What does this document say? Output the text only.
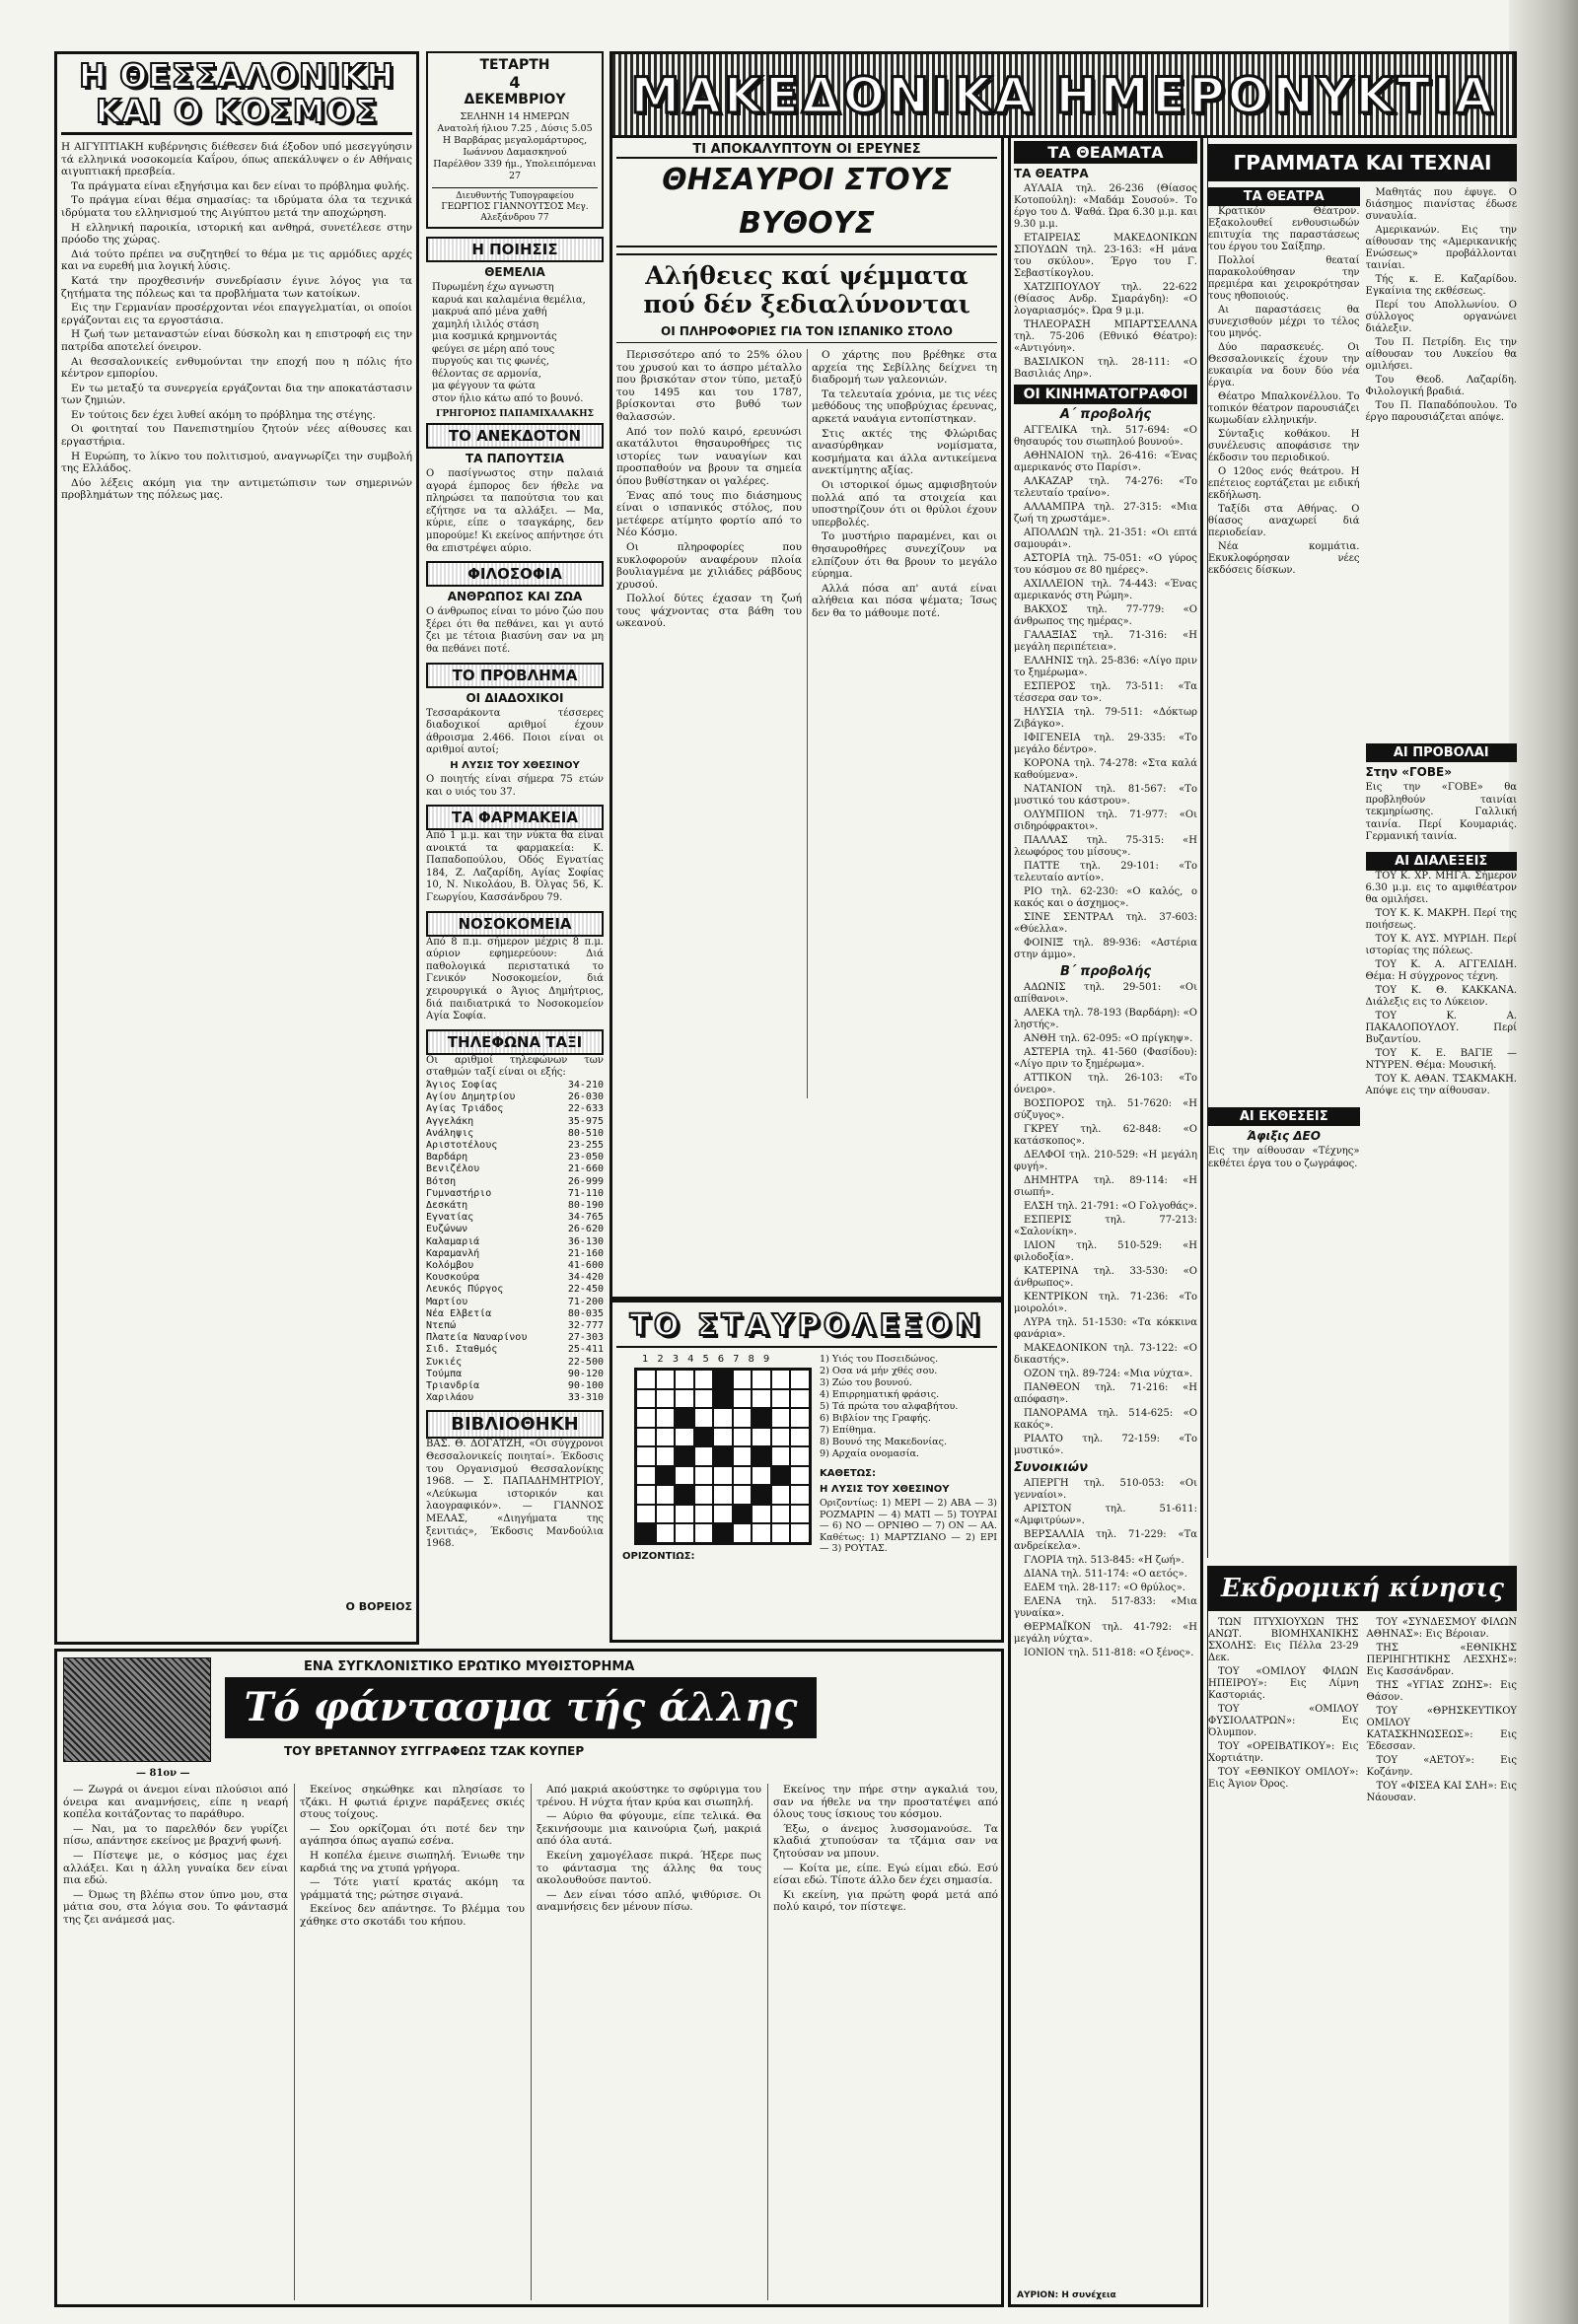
Η ΘΕΣΣΑΛΟΝΙΚΗ ΚΑΙ Ο ΚΟΣΜΟΣ

Η ΑΙΓΥΠΤΙΑΚΗ κυβέρνησις διέθεσεν διά έξοδον υπό μεσεγγύησιν τά ελληνικά νοσοκομεία Καΐρου, όπως απεκάλυψεν ο έν Αθήναις αιγυπτιακή πρεσβεία.

Τα πράγματα είναι εξηγήσιμα και δεν είναι το πρόβλημα φυλής.

Το πράγμα είναι θέμα σημασίας: τα ιδρύματα όλα τα τεχνικά ιδρύματα του ελληνισμού της Αιγύπτου μετά την αποχώρηση.

Η ελληνική παροικία, ιστορική και ανθηρά, συνετέλεσε στην πρόοδο της χώρας.

Διά τούτο πρέπει να συζητηθεί το θέμα με τις αρμόδιες αρχές και να ευρεθή μια λογική λύσις.

Κατά την προχθεσινήν συνεδρίασιν έγινε λόγος για τα ζητήματα της πόλεως και τα προβλήματα των κατοίκων.

Εις την Γερμανίαν προσέρχονται νέοι επαγγελματίαι, οι οποίοι εργάζονται εις τα εργοστάσια.

Η ζωή των μεταναστών είναι δύσκολη και η επιστροφή εις την πατρίδα αποτελεί όνειρον.

Αι θεσσαλονικείς ενθυμούνται την εποχή που η πόλις ήτο κέντρον εμπορίου.

Εν τω μεταξύ τα συνεργεία εργάζονται δια την αποκατάστασιν των ζημιών.

Εν τούτοις δεν έχει λυθεί ακόμη το πρόβλημα της στέγης.

Οι φοιτηταί του Πανεπιστημίου ζητούν νέες αίθουσες και εργαστήρια.

Η Ευρώπη, το λίκνο του πολιτισμού, αναγνωρίζει την συμβολή της Ελλάδος.

Δύο λέξεις ακόμη για την αντιμετώπισιν των σημερινών προβλημάτων της πόλεως μας.

Ο ΒΟΡΕΙΟΣ
ΤΕΤΑΡΤΗ
4
ΔΕΚΕΜΒΡΙΟΥ

ΣΕΛΗΝΗ 14 ΗΜΕΡΩΝ

Ανατολή ήλιου 7.25 , Δύσις 5.05

Η Βαρβάρας μεγαλομάρτυρος, Ιωάννου Δαμασκηνού

Παρέλθον 339 ήμ., Υπολειπόμεναι 27

Διευθυντής Τυπογραφείου ΓΕΩΡΓΙΟΣ ΓΙΑΝΝΟΥΤΣΟΣ Μεγ. Αλεξάνδρου 77
Η ΠΟΙΗΣΙΣ
ΘΕΜΕΛΙΑ

Πυρωμένη έχω αγνωστη

καρυά και καλαμένια θεμέλια,

μακρυά από μένα χαθή

χαμηλή ιλιλός στάση

μια κοσμικά κρημνοντάς

φεύγει σε μέρη από τους

πυργούς και τις φωνές,

θέλοντας σε αρμονία,

μα φέγγουν τα φώτα

στον ήλιο κάτω από το βουνό.

ΓΡΗΓΟΡΙΟΣ ΠΑΠΑΜΙΧΑΛΑΚΗΣ
ΤΟ ΑΝΕΚΔΟΤΟΝ
ΤΑ ΠΑΠΟΥΤΣΙΑ
Ο πασίγνωστος στην παλαιά αγορά έμπορος δεν ήθελε να πληρώσει τα παπούτσια του και εζήτησε να τα αλλάξει. — Μα, κύριε, είπε ο τσαγκάρης, δεν μπορούμε! Κι εκείνος απήντησε ότι θα επιστρέψει αύριο.
ΦΙΛΟΣΟΦΙΑ
ΑΝΘΡΩΠΟΣ ΚΑΙ ΖΩΑ
Ο άνθρωπος είναι το μόνο ζώο που ξέρει ότι θα πεθάνει, και γι αυτό ζει με τέτοια βιασύνη σαν να μη θα πεθάνει ποτέ.
ΤΟ ΠΡΟΒΛΗΜΑ
ΟΙ ΔΙΑΔΟΧΙΚΟΙ
Τεσσαράκοντα τέσσερες διαδοχικοί αριθμοί έχουν άθροισμα 2.466. Ποιοι είναι οι αριθμοί αυτοί;
Η ΛΥΣΙΣ ΤΟΥ ΧΘΕΣΙΝΟΥ
Ο ποιητής είναι σήμερα 75 ετών και ο υιός του 37.
ΤΑ ΦΑΡΜΑΚΕΙΑ
Από 1 μ.μ. και την νύκτα θα είναι ανοικτά τα φαρμακεία: Κ. Παπαδοπούλου, Οδός Εγνατίας 184, Ζ. Λαζαρίδη, Αγίας Σοφίας 10, Ν. Νικολάου, Β. Όλγας 56, Κ. Γεωργίου, Κασσάνδρου 79.
ΝΟΣΟΚΟΜΕΙΑ
Από 8 π.μ. σήμερον μέχρις 8 π.μ. αύριον εφημερεύουν: Διά παθολογικά περιστατικά το Γενικόν Νοσοκομείον, διά χειρουργικά ο Άγιος Δημήτριος, διά παιδιατρικά το Νοσοκομείον Αγία Σοφία.
ΤΗΛΕΦΩΝΑ ΤΑΞΙ
Οι αριθμοί τηλεφώνων των σταθμών ταξί είναι οι εξής:
Άγιος Σοφίας	34-210
Αγίου Δημητρίου	26-030
Αγίας Τριάδος	22-633
Αγγελάκη	35-975
Ανάληψις	80-510
Αριστοτέλους	23-255
Βαρδάρη	23-050
Βενιζέλου	21-660
Βότση	26-999
Γυμναστήριο	71-110
Δεσκάτη	80-190
Εγνατίας	34-765
Ευζώνων	26-620
Καλαμαριά	36-130
Καραμανλή	21-160
Κολόμβου	41-600
Κουσκούρα	34-420
Λευκός Πύργος	22-450
Μαρτίου	71-200
Νέα Ελβετία	80-035
Ντεπώ	32-777
Πλατεία Ναυαρίνου	27-303
Σιδ. Σταθμός	25-411
Συκιές	22-500
Τούμπα	90-120
Τριανδρία	90-100
Χαριλάου	33-310
ΒΙΒΛΙΟΘΗΚΗ
ΒΑΣ. Θ. ΔΟΓΑΤΖΗ, «Οι σύγχρονοι Θεσσαλονικείς ποιηταί». Έκδοσις του Οργανισμού Θεσσαλονίκης 1968. — Σ. ΠΑΠΑΔΗΜΗΤΡΙΟΥ, «Λεύκωμα ιστορικόν και λαογραφικόν». — ΓΙΑΝΝΟΣ ΜΕΛΑΣ, «Διηγήματα της ξενιτιάς», Έκδοσις Μανδούλια 1968.
ΜΑΚΕΔΟΝΙΚΑ ΗΜΕΡΟΝΥΚΤΙΑ
ΤΙ ΑΠΟΚΑΛΥΠΤΟΥΝ ΟΙ ΕΡΕΥΝΕΣ
ΘΗΣΑΥΡΟΙ ΣΤΟΥΣ ΒΥΘΟΥΣ
Αλήθειες καί ψέμματα πού δέν ξεδιαλύνονται
ΟΙ ΠΛΗΡΟΦΟΡΙΕΣ ΓΙΑ ΤΟΝ ΙΣΠΑΝΙΚΟ ΣΤΟΛΟ

Περισσότερο από το 25% όλου του χρυσού και το άσπρο μέταλλο που βρισκόταν στον τύπο, μεταξύ του 1495 και του 1787, βρίσκονται στο βυθό των θαλασσών.

Από τον πολύ καιρό, ερευνώσι ακατάλυτοι θησαυροθήρες τις ιστορίες των ναυαγίων και προσπαθούν να βρουν τα σημεία όπου βυθίστηκαν οι γαλέρες.

Ένας από τους πιο διάσημους είναι ο ισπανικός στόλος, που μετέφερε ατίμητο φορτίο από το Νέο Κόσμο.

Οι πληροφορίες που κυκλοφορούν αναφέρουν πλοία βουλιαγμένα με χιλιάδες ράβδους χρυσού.

Πολλοί δύτες έχασαν τη ζωή τους ψάχνοντας στα βάθη του ωκεανού.

Ο χάρτης που βρέθηκε στα αρχεία της Σεβίλλης δείχνει τη διαδρομή των γαλεονιών.

Τα τελευταία χρόνια, με τις νέες μεθόδους της υποβρύχιας έρευνας, αρκετά ναυάγια εντοπίστηκαν.

Στις ακτές της Φλώριδας ανασύρθηκαν νομίσματα, κοσμήματα και άλλα αντικείμενα ανεκτίμητης αξίας.

Οι ιστορικοί όμως αμφισβητούν πολλά από τα στοιχεία και υποστηρίζουν ότι οι θρύλοι έχουν υπερβολές.

Το μυστήριο παραμένει, και οι θησαυροθήρες συνεχίζουν να ελπίζουν ότι θα βρουν το μεγάλο εύρημα.

Αλλά πόσα απ' αυτά είναι αλήθεια και πόσα ψέματα; Ίσως δεν θα το μάθουμε ποτέ.

ΤΟ ΣΤΑΥΡΟΛΕΞΟΝ
123456789
ΟΡΙΖΟΝΤΙΩΣ:

1) Υιός του Ποσειδώνος.

2) Οσα νά μήν χθές σου.

3) Ζώο του βουνού.

4) Επιρρηματική φράσις.

5) Τά πρώτα του αλφαβήτου.

6) Βιβλίον της Γραφής.

7) Επίθημα.

8) Βουνό της Μακεδονίας.

9) Αρχαία ονομασία.

ΚΑΘΕΤΩΣ:
Η ΛΥΣΙΣ ΤΟΥ ΧΘΕΣΙΝΟΥ
Οριζοντίως: 1) ΜΕΡΙ — 2) ΑΒΑ — 3) ΡΟΖΜΑΡΙΝ — 4) ΜΑΤΙ — 5) ΤΟΥΡΑΙ — 6) ΝΟ — ΟΡΝΙΘΟ — 7) ΟΝ — ΑΑ. Καθέτως: 1) ΜΑΡΤΖΙΑΝΟ — 2) ΕΡΙ — 3) ΡΟΥΤΑΣ.
ΤΑ ΘΕΑΜΑΤΑ
ΤΑ ΘΕΑΤΡΑ

ΑΥΛΑΙΑ τηλ. 26-236 (Θίασος Κοτοπούλη): «Μαδάμ Σουσού». Το έργο του Δ. Ψαθά. Ώρα 6.30 μ.μ. και 9.30 μ.μ.

ΕΤΑΙΡΕΙΑΣ ΜΑΚΕΔΟΝΙΚΩΝ ΣΠΟΥΔΩΝ τηλ. 23-163: «Η μάνα του σκύλου». Έργο του Γ. Σεβαστίκογλου.

ΧΑΤΖΙΠΟΥΛΟΥ τηλ. 22-622 (Θίασος Ανδρ. Σμαράγδη): «Ο λογαριασμός». Ώρα 9 μ.μ.

ΤΗΛΕΟΡΑΣΗ ΜΠΑΡΤΣΕΛΛΝΑ τηλ. 75-206 (Εθνικό Θέατρο): «Αντιγόνη».

ΒΑΣΙΛΙΚΟΝ τηλ. 28-111: «Ο Βασιλιάς Ληρ».

ΟΙ ΚΙΝΗΜΑΤΟΓΡΑΦΟΙ
Α΄ προβολής

ΑΓΓΕΛΙΚΑ τηλ. 517-694: «Ο θησαυρός του σιωπηλού βουνού».

ΑΘΗΝΑΙΟΝ τηλ. 26-416: «Ένας αμερικανός στο Παρίσι».

ΑΛΚΑΖΑΡ τηλ. 74-276: «Το τελευταίο τραίνο».

ΑΛΛΑΜΠΡΑ τηλ. 27-315: «Μια ζωή τη χρωστάμε».

ΑΠΟΛΛΩΝ τηλ. 21-351: «Οι επτά σαμουράι».

ΑΣΤΟΡΙΑ τηλ. 75-051: «Ο γύρος του κόσμου σε 80 ημέρες».

ΑΧΙΛΛΕΙΟΝ τηλ. 74-443: «Ένας αμερικανός στη Ρώμη».

ΒΑΚΧΟΣ τηλ. 77-779: «Ο άνθρωπος της ημέρας».

ΓΑΛΑΞΙΑΣ τηλ. 71-316: «Η μεγάλη περιπέτεια».

ΕΛΛΗΝΙΣ τηλ. 25-836: «Λίγο πριν το ξημέρωμα».

ΕΣΠΕΡΟΣ τηλ. 73-511: «Τα τέσσερα σαν το».

ΗΛΥΣΙΑ τηλ. 79-511: «Δόκτωρ Ζιβάγκο».

ΙΦΙΓΕΝΕΙΑ τηλ. 29-335: «Το μεγάλο δέντρο».

ΚΟΡΟΝΑ τηλ. 74-278: «Στα καλά καθούμενα».

ΝΑΤΑΝΙΟΝ τηλ. 81-567: «Το μυστικό του κάστρου».

ΟΛΥΜΠΙΟΝ τηλ. 71-977: «Οι σιδηρόφρακτοι».

ΠΑΛΛΑΣ τηλ. 75-315: «Η λεωφόρος του μίσους».

ΠΑΤΤΕ τηλ. 29-101: «Το τελευταίο αντίο».

ΡΙΟ τηλ. 62-230: «Ο καλός, ο κακός και ο άσχημος».

ΣΙΝΕ ΣΕΝΤΡΑΛ τηλ. 37-603: «Θύελλα».

ΦΟΙΝΙΞ τηλ. 89-936: «Αστέρια στην άμμο».

Β΄ προβολής

ΑΔΩΝΙΣ τηλ. 29-501: «Οι απίθανοι».

ΑΛΕΚΑ τηλ. 78-193 (Βαρδάρη): «Ο ληστής».

ΑΝΘΗ τηλ. 62-095: «Ο πρίγκηψ».

ΑΣΤΕΡΙΑ τηλ. 41-560 (Φασίδου): «Λίγο πριν το ξημέρωμα».

ΑΤΤΙΚΟΝ τηλ. 26-103: «Το όνειρο».

ΒΟΣΠΟΡΟΣ τηλ. 51-7620: «Η σύζυγος».

ΓΚΡΕΥ τηλ. 62-848: «Ο κατάσκοπος».

ΔΕΛΦΟΙ τηλ. 210-529: «Η μεγάλη φυγή».

ΔΗΜΗΤΡΑ τηλ. 89-114: «Η σιωπή».

ΕΛΣΗ τηλ. 21-791: «Ο Γολγοθάς».

ΕΣΠΕΡΙΣ τηλ. 77-213: «Σαλονίκη».

ΙΛΙΟΝ τηλ. 510-529: «Η φιλοδοξία».

ΚΑΤΕΡΙΝΑ τηλ. 33-530: «Ο άνθρωπος».

ΚΕΝΤΡΙΚΟΝ τηλ. 71-236: «Το μοιρολόι».

ΛΥΡΑ τηλ. 51-1530: «Τα κόκκινα φανάρια».

ΜΑΚΕΔΟΝΙΚΟΝ τηλ. 73-122: «Ο δικαστής».

ΟΖΟΝ τηλ. 89-724: «Μια νύχτα».

ΠΑΝΘΕΟΝ τηλ. 71-216: «Η απόφαση».

ΠΑΝΟΡΑΜΑ τηλ. 514-625: «Ο κακός».

ΡΙΑΛΤΟ τηλ. 72-159: «Το μυστικό».

Συνοικιών

ΑΠΕΡΓΗ τηλ. 510-053: «Οι γενναίοι».

ΑΡΙΣΤΟΝ τηλ. 51-611: «Αμφιτρύων».

ΒΕΡΣΑΛΛΙΑ τηλ. 71-229: «Τα ανδρείκελα».

ΓΛΟΡΙΑ τηλ. 513-845: «Η ζωή».

ΔΙΑΝΑ τηλ. 511-174: «Ο αετός».

ΕΔΕΜ τηλ. 28-117: «Ο θρύλος».

ΕΛΕΝΑ τηλ. 517-833: «Μια γυναίκα».

ΘΕΡΜΑΪΚΟΝ τηλ. 41-792: «Η μεγάλη νύχτα».

ΙΟΝΙΟΝ τηλ. 511-818: «Ο ξένος».

ΑΥΡΙΟΝ: Η συνέχεια
ΓΡΑΜΜΑΤΑ ΚΑΙ ΤΕΧΝΑΙ
ΤΑ ΘΕΑΤΡΑ

Κρατικόν Θέατρον. Εξακολουθεί ενθουσιωδών επιτυχία της παραστάσεως του έργου του Σαίξπηρ.

Πολλοί θεαταί παρακολούθησαν την πρεμιέρα και χειροκρότησαν τους ηθοποιούς.

Αι παραστάσεις θα συνεχισθούν μέχρι το τέλος του μηνός.

Δύο παρασκευές. Οι Θεσσαλονικείς έχουν την ευκαιρία να δουν δύο νέα έργα.

Θέατρο Μπαλκονέλλου. Το τοπικόν θέατρον παρουσιάζει κωμωδίαν ελληνικήν.

Σύνταξις κοθάκου. Η συνέλευσις αποφάσισε την έκδοσιν του περιοδικού.

Ο 120ος ενός θεάτρου. Η επέτειος εορτάζεται με ειδική εκδήλωση.

Ταξίδι στα Αθήνας. Ο θίασος αναχωρεί διά περιοδείαν.

Νέα κομμάτια. Εκυκλοφόρησαν νέες εκδόσεις δίσκων.

ΑΙ ΕΚΘΕΣΕΙΣ
Άφιξις ΔΕΟ
Εις την αίθουσαν «Τέχνης» εκθέτει έργα του ο ζωγράφος.

Μαθητάς που έφυγε. Ο διάσημος πιανίστας έδωσε συναυλία.

Αμερικανών. Εις την αίθουσαν της «Αμερικανικής Ενώσεως» προβάλλονται ταινίαι.

Τής κ. Ε. Καζαρίδου. Εγκαίνια της εκθέσεως.

Περί του Απολλωνίου. Ο σύλλογος οργανώνει διάλεξιν.

Του Π. Πετρίδη. Εις την αίθουσαν του Λυκείου θα ομιλήσει.

Του Θεοδ. Λαζαρίδη. Φιλολογική βραδιά.

Του Π. Παπαδόπουλου. Το έργο παρουσιάζεται απόψε.

ΑΙ ΠΡΟΒΟΛΑΙ
Στην «ΓΟΒΕ»
Εις την «ΓΟΒΕ» θα προβληθούν ταινίαι τεκμηρίωσης. Γαλλική ταινία. Περί Κουμαριάς. Γερμανική ταινία.
ΑΙ ΔΙΑΛΕΞΕΙΣ

ΤΟΥ Κ. ΧΡ. ΜΗΓΑ. Σήμερον 6.30 μ.μ. εις το αμφιθέατρον θα ομιλήσει.

ΤΟΥ Κ. Κ. ΜΑΚΡΗ. Περί της ποιήσεως.

ΤΟΥ Κ. ΑΥΣ. ΜΥΡΙΔΗ. Περί ιστορίας της πόλεως.

ΤΟΥ Κ. Α. ΑΓΓΕΛΙΔΗ. Θέμα: Η σύγχρονος τέχνη.

ΤΟΥ Κ. Θ. ΚΑΚΚΑΝΑ. Διάλεξις εις το Λύκειον.

ΤΟΥ Κ. Α. ΠΑΚΑΛΟΠΟΥΛΟΥ. Περί Βυζαντίου.

ΤΟΥ Κ. Ε. ΒΑΓΙΕ — ΝΤΥΡΕΝ. Θέμα: Μουσική.

ΤΟΥ Κ. ΑΘΑΝ. ΤΣΑΚΜΑΚΗ. Απόψε εις την αίθουσαν.

Εκδρομική κίνησις

ΤΩΝ ΠΤΥΧΙΟΥΧΩΝ ΤΗΣ ΑΝΩΤ. ΒΙΟΜΗΧΑΝΙΚΗΣ ΣΧΟΛΗΣ: Εις Πέλλα 23-29 Δεκ.

ΤΟΥ «ΟΜΙΛΟΥ ΦΙΛΩΝ ΗΠΕΙΡΟΥ»: Εις Λίμνη Καστοριάς.

ΤΟΥ «ΟΜΙΛΟΥ ΦΥΣΙΟΛΑΤΡΩΝ»: Εις Όλυμπον.

ΤΟΥ «ΟΡΕΙΒΑΤΙΚΟΥ»: Εις Χορτιάτην.

ΤΟΥ «ΕΘΝΙΚΟΥ ΟΜΙΛΟΥ»: Εις Άγιον Όρος.

ΤΟΥ «ΣΥΝΔΕΣΜΟΥ ΦΙΛΩΝ ΑΘΗΝΑΣ»: Εις Βέροιαν.

ΤΗΣ «ΕΘΝΙΚΗΣ ΠΕΡΙΗΓΗΤΙΚΗΣ ΛΕΣΧΗΣ»: Εις Κασσάνδραν.

ΤΗΣ «ΥΓΙΑΣ ΖΩΗΣ»: Εις Θάσον.

ΤΟΥ «ΘΡΗΣΚΕΥΤΙΚΟΥ ΟΜΙΛΟΥ ΚΑΤΑΣΚΗΝΩΣΕΩΣ»: Εις Έδεσσαν.

ΤΟΥ «ΑΕΤΟΥ»: Εις Κοζάνην.

ΤΟΥ «ΦΙΣΕΑ ΚΑΙ ΣΛΗ»: Εις Νάουσαν.

ΕΝΑ ΣΥΓΚΛΟΝΙΣΤΙΚΟ ΕΡΩΤΙΚΟ ΜΥΘΙΣΤΟΡΗΜΑ
Τό φάντασμα τής άλλης
ΤΟΥ ΒΡΕΤΑΝΝΟΥ ΣΥΓΓΡΑΦΕΩΣ ΤΖΑΚ ΚΟΥΠΕΡ
— 81ον —

— Ζωγρά οι άνεμοι είναι πλούσιοι από όνειρα και αναμνήσεις, είπε η νεαρή κοπέλα κοιτάζοντας το παράθυρο.

— Ναι, μα το παρελθόν δεν γυρίζει πίσω, απάντησε εκείνος με βραχνή φωνή.

— Πίστεψε με, ο κόσμος μας έχει αλλάξει. Και η άλλη γυναίκα δεν είναι πια εδώ.

— Όμως τη βλέπω στον ύπνο μου, στα μάτια σου, στα λόγια σου. Το φάντασμά της ζει ανάμεσά μας.

Εκείνος σηκώθηκε και πλησίασε το τζάκι. Η φωτιά έριχνε παράξενες σκιές στους τοίχους.

— Σου ορκίζομαι ότι ποτέ δεν την αγάπησα όπως αγαπώ εσένα.

Η κοπέλα έμεινε σιωπηλή. Ένιωθε την καρδιά της να χτυπά γρήγορα.

— Τότε γιατί κρατάς ακόμη τα γράμματά της; ρώτησε σιγανά.

Εκείνος δεν απάντησε. Το βλέμμα του χάθηκε στο σκοτάδι του κήπου.

Από μακριά ακούστηκε το σφύριγμα του τρένου. Η νύχτα ήταν κρύα και σιωπηλή.

— Αύριο θα φύγουμε, είπε τελικά. Θα ξεκινήσουμε μια καινούρια ζωή, μακριά από όλα αυτά.

Εκείνη χαμογέλασε πικρά. Ήξερε πως το φάντασμα της άλλης θα τους ακολουθούσε παντού.

— Δεν είναι τόσο απλό, ψιθύρισε. Οι αναμνήσεις δεν μένουν πίσω.

Εκείνος την πήρε στην αγκαλιά του, σαν να ήθελε να την προστατέψει από όλους τους ίσκιους του κόσμου.

Έξω, ο άνεμος λυσσομανούσε. Τα κλαδιά χτυπούσαν τα τζάμια σαν να ζητούσαν να μπουν.

— Κοίτα με, είπε. Εγώ είμαι εδώ. Εσύ είσαι εδώ. Τίποτε άλλο δεν έχει σημασία.

Κι εκείνη, για πρώτη φορά μετά από πολύ καιρό, τον πίστεψε.
